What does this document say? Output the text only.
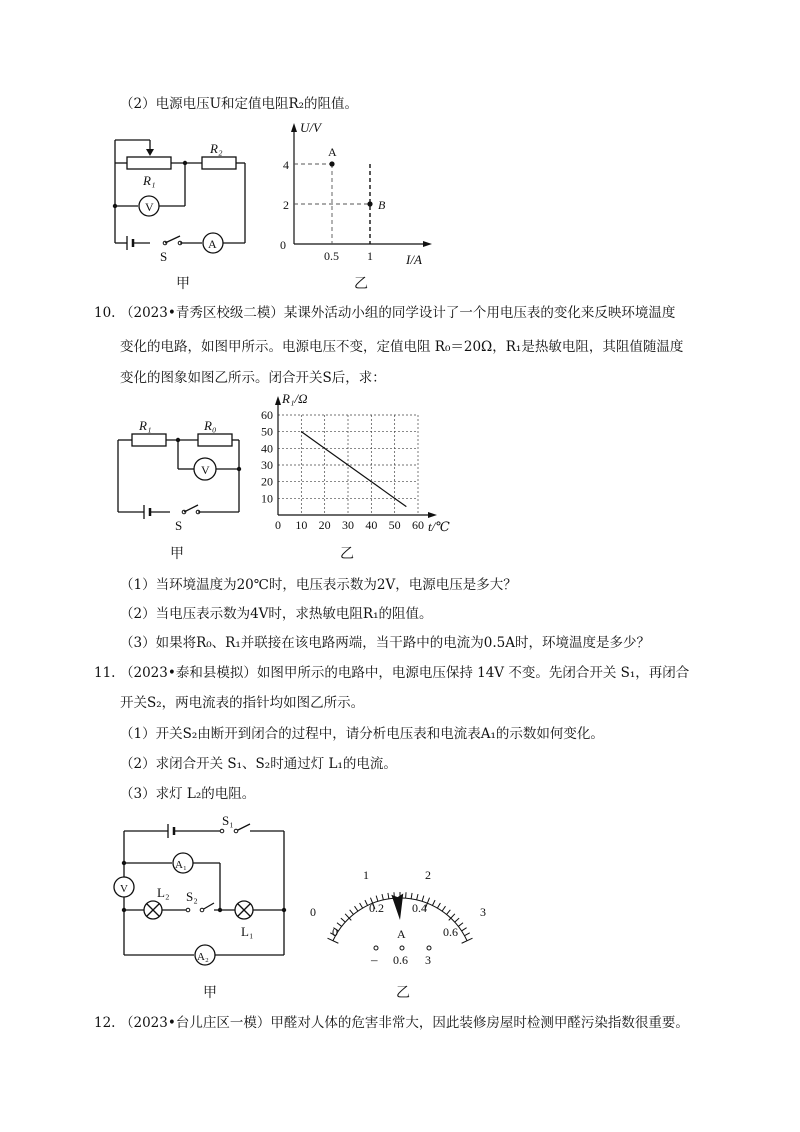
（2）电源电压U和定值电阻R₂的阻值。
R₂
R₁
V
A
S
甲
U/V
I/A
0
0.5 1
4
2
A
B
乙
10. （2023•青秀区校级二模）某课外活动小组的同学设计了一个用电压表的变化来反映环境温度
变化的电路，如图甲所示。电源电压不变，定值电阻 R₀＝20Ω，R₁是热敏电阻，其阻值随温度
变化的图象如图乙所示。闭合开关S后，求：
R₁	R₀
V
S
甲
0 10 20 30 40 50 60
10
20
30
40
50
60
R₁/Ω
t/℃
乙
（1）当环境温度为20℃时，电压表示数为2V，电源电压是多大？
（2）当电压表示数为4V时，求热敏电阻R₁的阻值。
（3）如果将R₀、R₁并联接在该电路两端，当干路中的电流为0.5A时，环境温度是多少？
11. （2023•泰和县模拟）如图甲所示的电路中，电源电压保持 14V 不变。先闭合开关 S₁，再闭合
开关S₂，两电流表的指针均如图乙所示。
（1）开关S₂由断开到闭合的过程中，请分析电压表和电流表A₁的示数如何变化。
（2）求闭合开关 S₁、S₂时通过灯 L₁的电流。
（3）求灯 L₂的电阻。
S₁
A₁
V L₂ S₂
L₁
A₂
甲
A
– 0.6 3
0
1	2
3
0
0.2 0.4
0.6
乙
12. （2023•台儿庄区一模）甲醛对人体的危害非常大，因此装修房屋时检测甲醛污染指数很重要。
